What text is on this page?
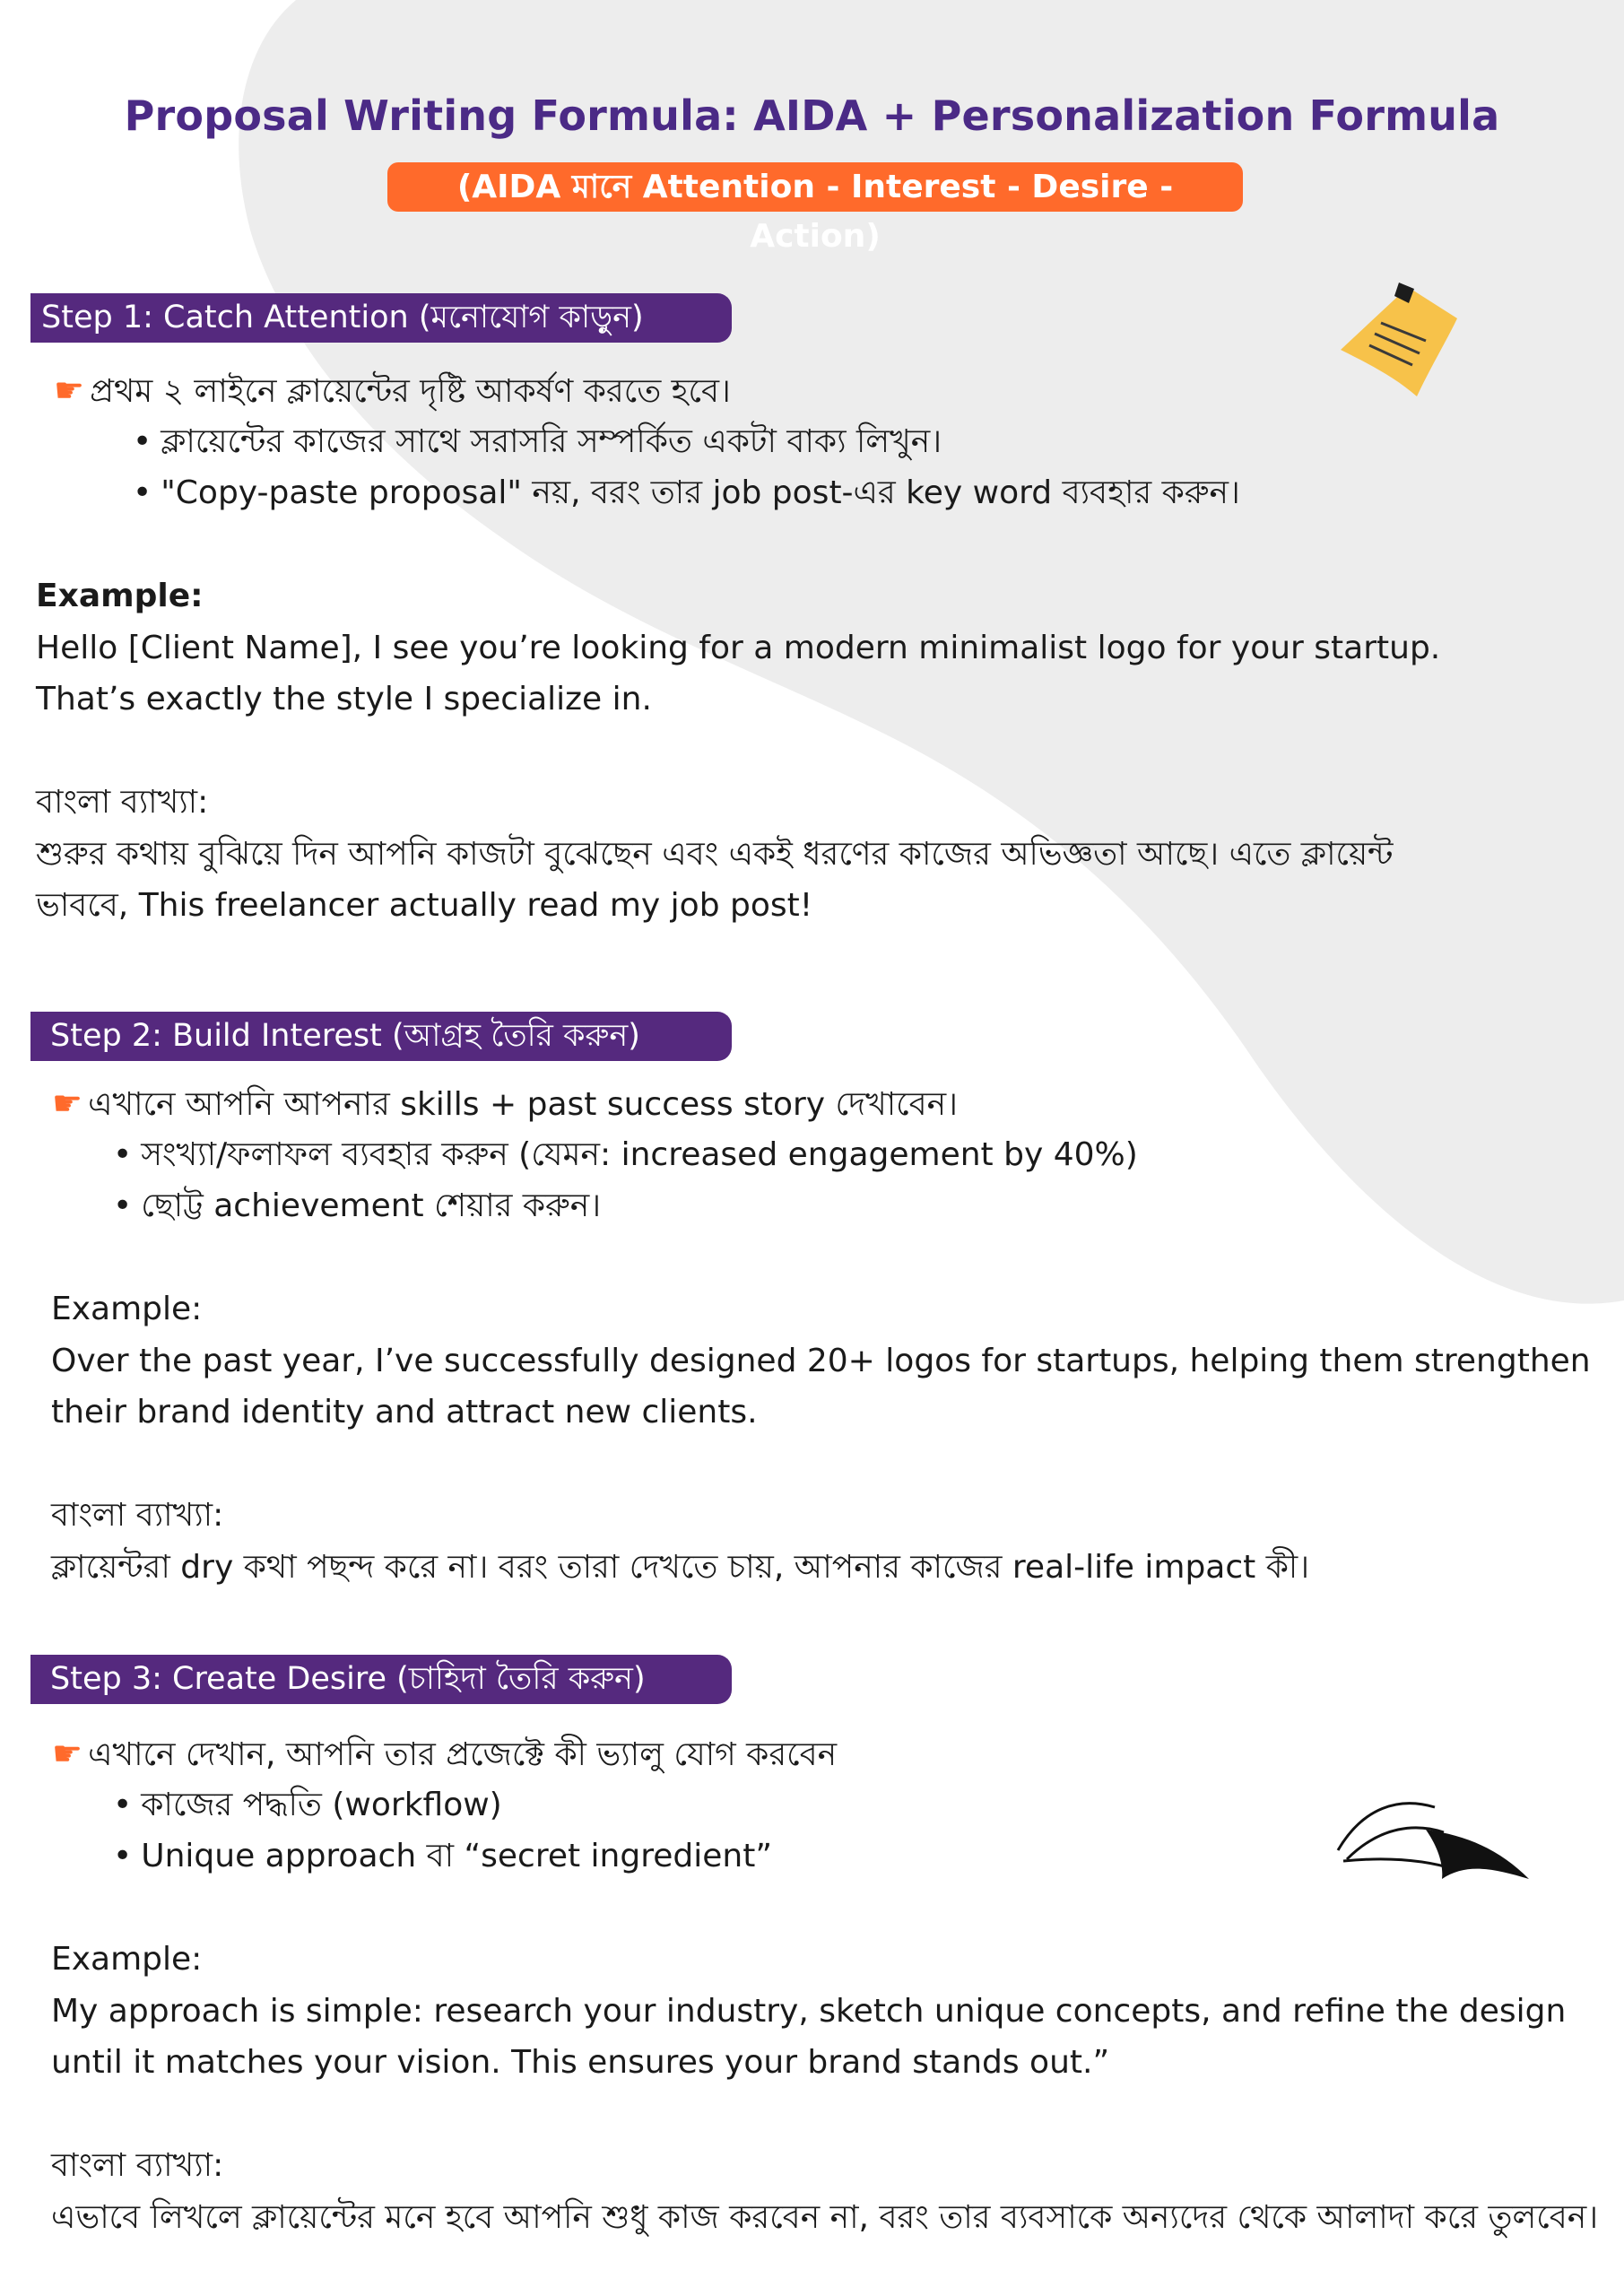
Proposal Writing Formula: AIDA + Personalization Formula
(AIDA মানে Attention - Interest - Desire - Action)
Step 1: Catch Attention (মনোযোগ কাড়ুন)
☛ প্রথম ২ লাইনে ক্লায়েন্টের দৃষ্টি আকর্ষণ করতে হবে।
• ক্লায়েন্টের কাজের সাথে সরাসরি সম্পর্কিত একটা বাক্য লিখুন।
• "Copy-paste proposal" নয়, বরং তার job post-এর key word ব্যবহার করুন।
Example:
Hello [Client Name], I see you’re looking for a modern minimalist logo for your startup.
That’s exactly the style I specialize in.
বাংলা ব্যাখ্যা:
শুরুর কথায় বুঝিয়ে দিন আপনি কাজটা বুঝেছেন এবং একই ধরণের কাজের অভিজ্ঞতা আছে। এতে ক্লায়েন্ট
ভাববে, This freelancer actually read my job post!
Step 2: Build Interest (আগ্রহ তৈরি করুন)
☛ এখানে আপনি আপনার skills + past success story দেখাবেন।
• সংখ্যা/ফলাফল ব্যবহার করুন (যেমন: increased engagement by 40%)
• ছোট্ট achievement শেয়ার করুন।
Example:
Over the past year, I’ve successfully designed 20+ logos for startups, helping them strengthen
their brand identity and attract new clients.
বাংলা ব্যাখ্যা:
ক্লায়েন্টরা dry কথা পছন্দ করে না। বরং তারা দেখতে চায়, আপনার কাজের real-life impact কী।
Step 3: Create Desire (চাহিদা তৈরি করুন)
☛ এখানে দেখান, আপনি তার প্রজেক্টে কী ভ্যালু যোগ করবেন
• কাজের পদ্ধতি (workflow)
• Unique approach বা “secret ingredient”
Example:
My approach is simple: research your industry, sketch unique concepts, and refine the design
until it matches your vision. This ensures your brand stands out.”
বাংলা ব্যাখ্যা:
এভাবে লিখলে ক্লায়েন্টের মনে হবে আপনি শুধু কাজ করবেন না, বরং তার ব্যবসাকে অন্যদের থেকে আলাদা করে তুলবেন।
